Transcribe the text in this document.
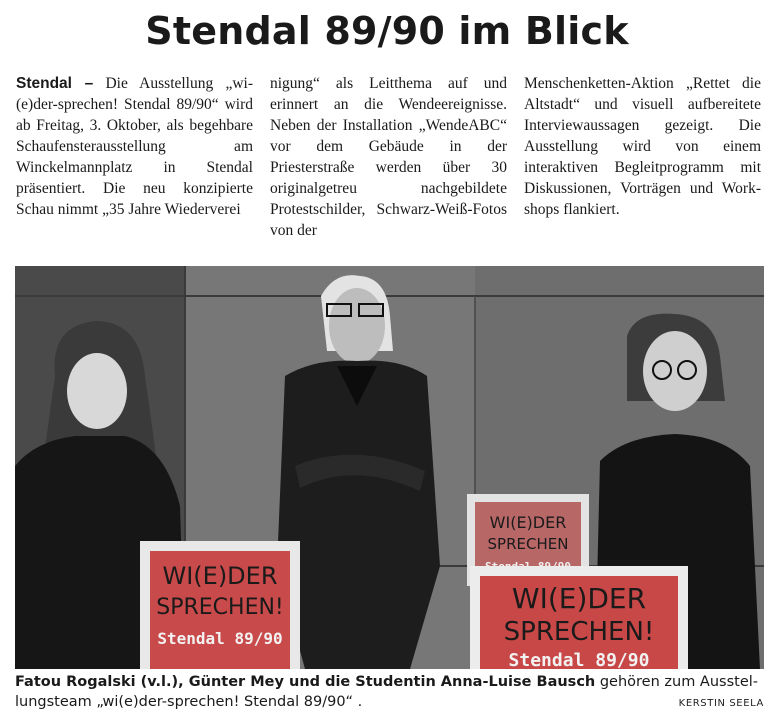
Stendal 89/90 im Blick

Stendal – Die Ausstellung „wi(e)der-sprechen! Stendal 89/90“ wird ab Freitag, 3. Oktober, als begehbare Schaufensterausstellung am Winckelmannplatz in Stendal präsentiert. Die neu konzipierte Schau nimmt „35 Jahre Wiederverei

nigung“ als Leitthema auf und erinnert an die Wendeereignisse. Neben der Installation „WendeABC“ vor dem Gebäude in der Priesterstraße werden über 30 originalgetreu nachgebildete Protestschilder, Schwarz-Weiß-Fotos von der

Menschenketten-Aktion „Rettet die Altstadt“ und visuell aufbereitete Interviewaussagen gezeigt. Die Ausstellung wird von einem interaktiven Begleitprogramm mit Diskussionen, Vorträgen und Workshops flankiert.

WI(E)DER
SPRECHEN!
Stendal 89/90
WI(E)DER
SPRECHEN
WI(E)DER
SPRECHEN!
Stendal 89/90
Fatou Rogalski (v.l.), Günter Mey und die Studentin Anna-Luise Bausch gehören zum Ausstellungsteam „wi(e)der-sprechen! Stendal 89/90“ .	KERSTIN SEELA
